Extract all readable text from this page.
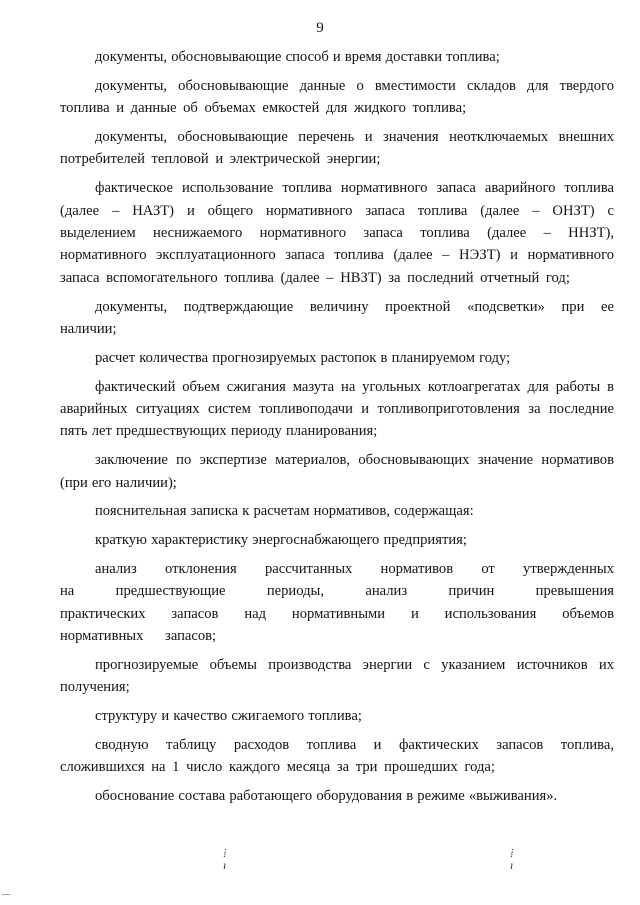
9

документы, обосновывающие способ и время доставки топлива;

документы, обосновывающие данные о вместимости складов для твердого топлива и данные об объемах емкостей для жидкого топлива;

документы, обосновывающие перечень и значения неотключаемых внешних потребителей тепловой и электрической энергии;

фактическое использование топлива нормативного запаса аварийного топлива (далее – НАЗТ) и общего нормативного запаса топлива (далее – ОНЗТ) с выделением неснижаемого нормативного запаса топлива (далее – ННЗТ), нормативного эксплуатационного запаса топлива (далее – НЭЗТ) и нормативного запаса вспомогательного топлива (далее – НВЗТ) за последний отчетный год;

документы, подтверждающие величину проектной «подсветки» при ее наличии;

расчет количества прогнозируемых растопок в планируемом году;

фактический объем сжигания мазута на угольных котлоагрегатах для работы в аварийных ситуациях систем топливоподачи и топливоприготовления за последние пять лет предшествующих периоду планирования;

заключение по экспертизе материалов, обосновывающих значение нормативов (при его наличии);

пояснительная записка к расчетам нормативов, содержащая:

краткую характеристику энергоснабжающего предприятия;

анализ отклонения рассчитанных нормативов от утвержденных на предшествующие периоды, анализ причин превышения практических запасов над нормативными и использования объемов нормативных запасов;

прогнозируемые объемы производства энергии с указанием источников их получения;

структуру и качество сжигаемого топлива;

сводную таблицу расходов топлива и фактических запасов топлива, сложившихся на 1 число каждого месяца за три прошедших года;

обоснование состава работающего оборудования в режиме «выживания».

⁞
ı
⁞
ı
—
